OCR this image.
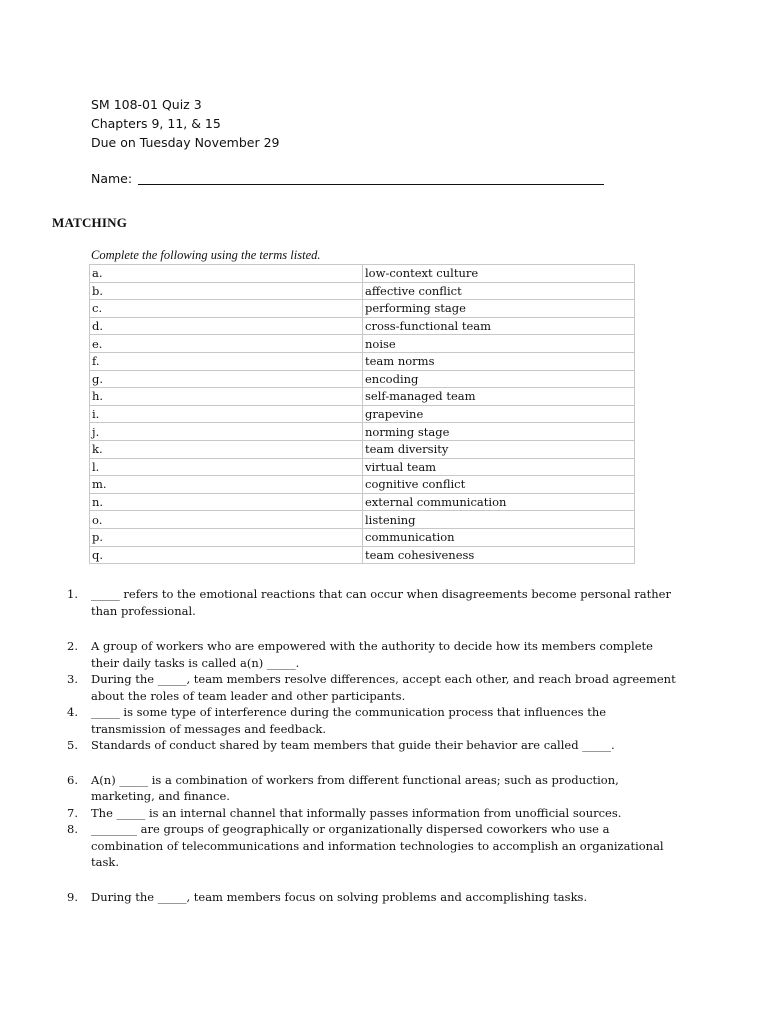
SM 108-01 Quiz 3
Chapters 9, 11, & 15
Due on Tuesday November 29
Name:
MATCHING
Complete the following using the terms listed.
a.	low-context culture
b.	affective conflict
c.	performing stage
d.	cross-functional team
e.	noise
f.	team norms
g.	encoding
h.	self-managed team
i.	grapevine
j.	norming stage
k.	team diversity
l.	virtual team
m.	cognitive conflict
n.	external communication
o.	listening
p.	communication
q.	team cohesiveness
1. _____ refers to the emotional reactions that can occur when disagreements become personal rather than professional.
2. A group of workers who are empowered with the authority to decide how its members complete their daily tasks is called a(n) _____.
3. During the _____, team members resolve differences, accept each other, and reach broad agreement about the roles of team leader and other participants.
4. _____ is some type of interference during the communication process that influences the transmission of messages and feedback.
5. Standards of conduct shared by team members that guide their behavior are called _____.
6. A(n) _____ is a combination of workers from different functional areas; such as production, marketing, and finance.
7. The _____ is an internal channel that informally passes information from unofficial sources.
8. ________ are groups of geographically or organizationally dispersed coworkers who use a combination of telecommunications and information technologies to accomplish an organizational task.
9. During the _____, team members focus on solving problems and accomplishing tasks.
